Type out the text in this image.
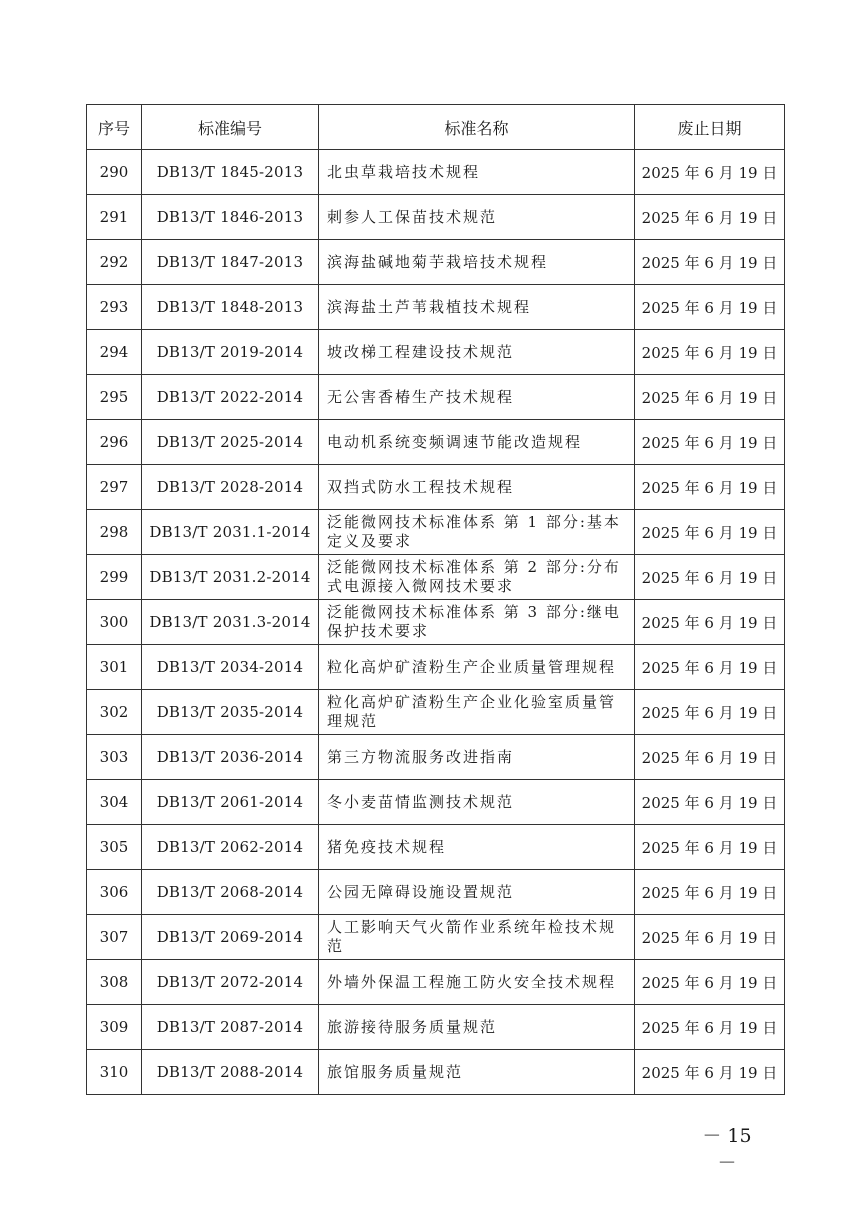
序号	标准编号	标准名称	废止日期
290	DB13/T 1845-2013	北虫草栽培技术规程	2025 年 6 月 19 日
291	DB13/T 1846-2013	刺参人工保苗技术规范	2025 年 6 月 19 日
292	DB13/T 1847-2013	滨海盐碱地菊芋栽培技术规程	2025 年 6 月 19 日
293	DB13/T 1848-2013	滨海盐土芦苇栽植技术规程	2025 年 6 月 19 日
294	DB13/T 2019-2014	坡改梯工程建设技术规范	2025 年 6 月 19 日
295	DB13/T 2022-2014	无公害香椿生产技术规程	2025 年 6 月 19 日
296	DB13/T 2025-2014	电动机系统变频调速节能改造规程	2025 年 6 月 19 日
297	DB13/T 2028-2014	双挡式防水工程技术规程	2025 年 6 月 19 日
298	DB13/T 2031.1-2014	泛能微网技术标准体系 第 1 部分:基本定义及要求	2025 年 6 月 19 日
299	DB13/T 2031.2-2014	泛能微网技术标准体系 第 2 部分:分布式电源接入微网技术要求	2025 年 6 月 19 日
300	DB13/T 2031.3-2014	泛能微网技术标准体系 第 3 部分:继电保护技术要求	2025 年 6 月 19 日
301	DB13/T 2034-2014	粒化高炉矿渣粉生产企业质量管理规程	2025 年 6 月 19 日
302	DB13/T 2035-2014	粒化高炉矿渣粉生产企业化验室质量管理规范	2025 年 6 月 19 日
303	DB13/T 2036-2014	第三方物流服务改进指南	2025 年 6 月 19 日
304	DB13/T 2061-2014	冬小麦苗情监测技术规范	2025 年 6 月 19 日
305	DB13/T 2062-2014	猪免疫技术规程	2025 年 6 月 19 日
306	DB13/T 2068-2014	公园无障碍设施设置规范	2025 年 6 月 19 日
307	DB13/T 2069-2014	人工影响天气火箭作业系统年检技术规范	2025 年 6 月 19 日
308	DB13/T 2072-2014	外墙外保温工程施工防火安全技术规程	2025 年 6 月 19 日
309	DB13/T 2087-2014	旅游接待服务质量规范	2025 年 6 月 19 日
310	DB13/T 2088-2014	旅馆服务质量规范	2025 年 6 月 19 日
－ 15 －
